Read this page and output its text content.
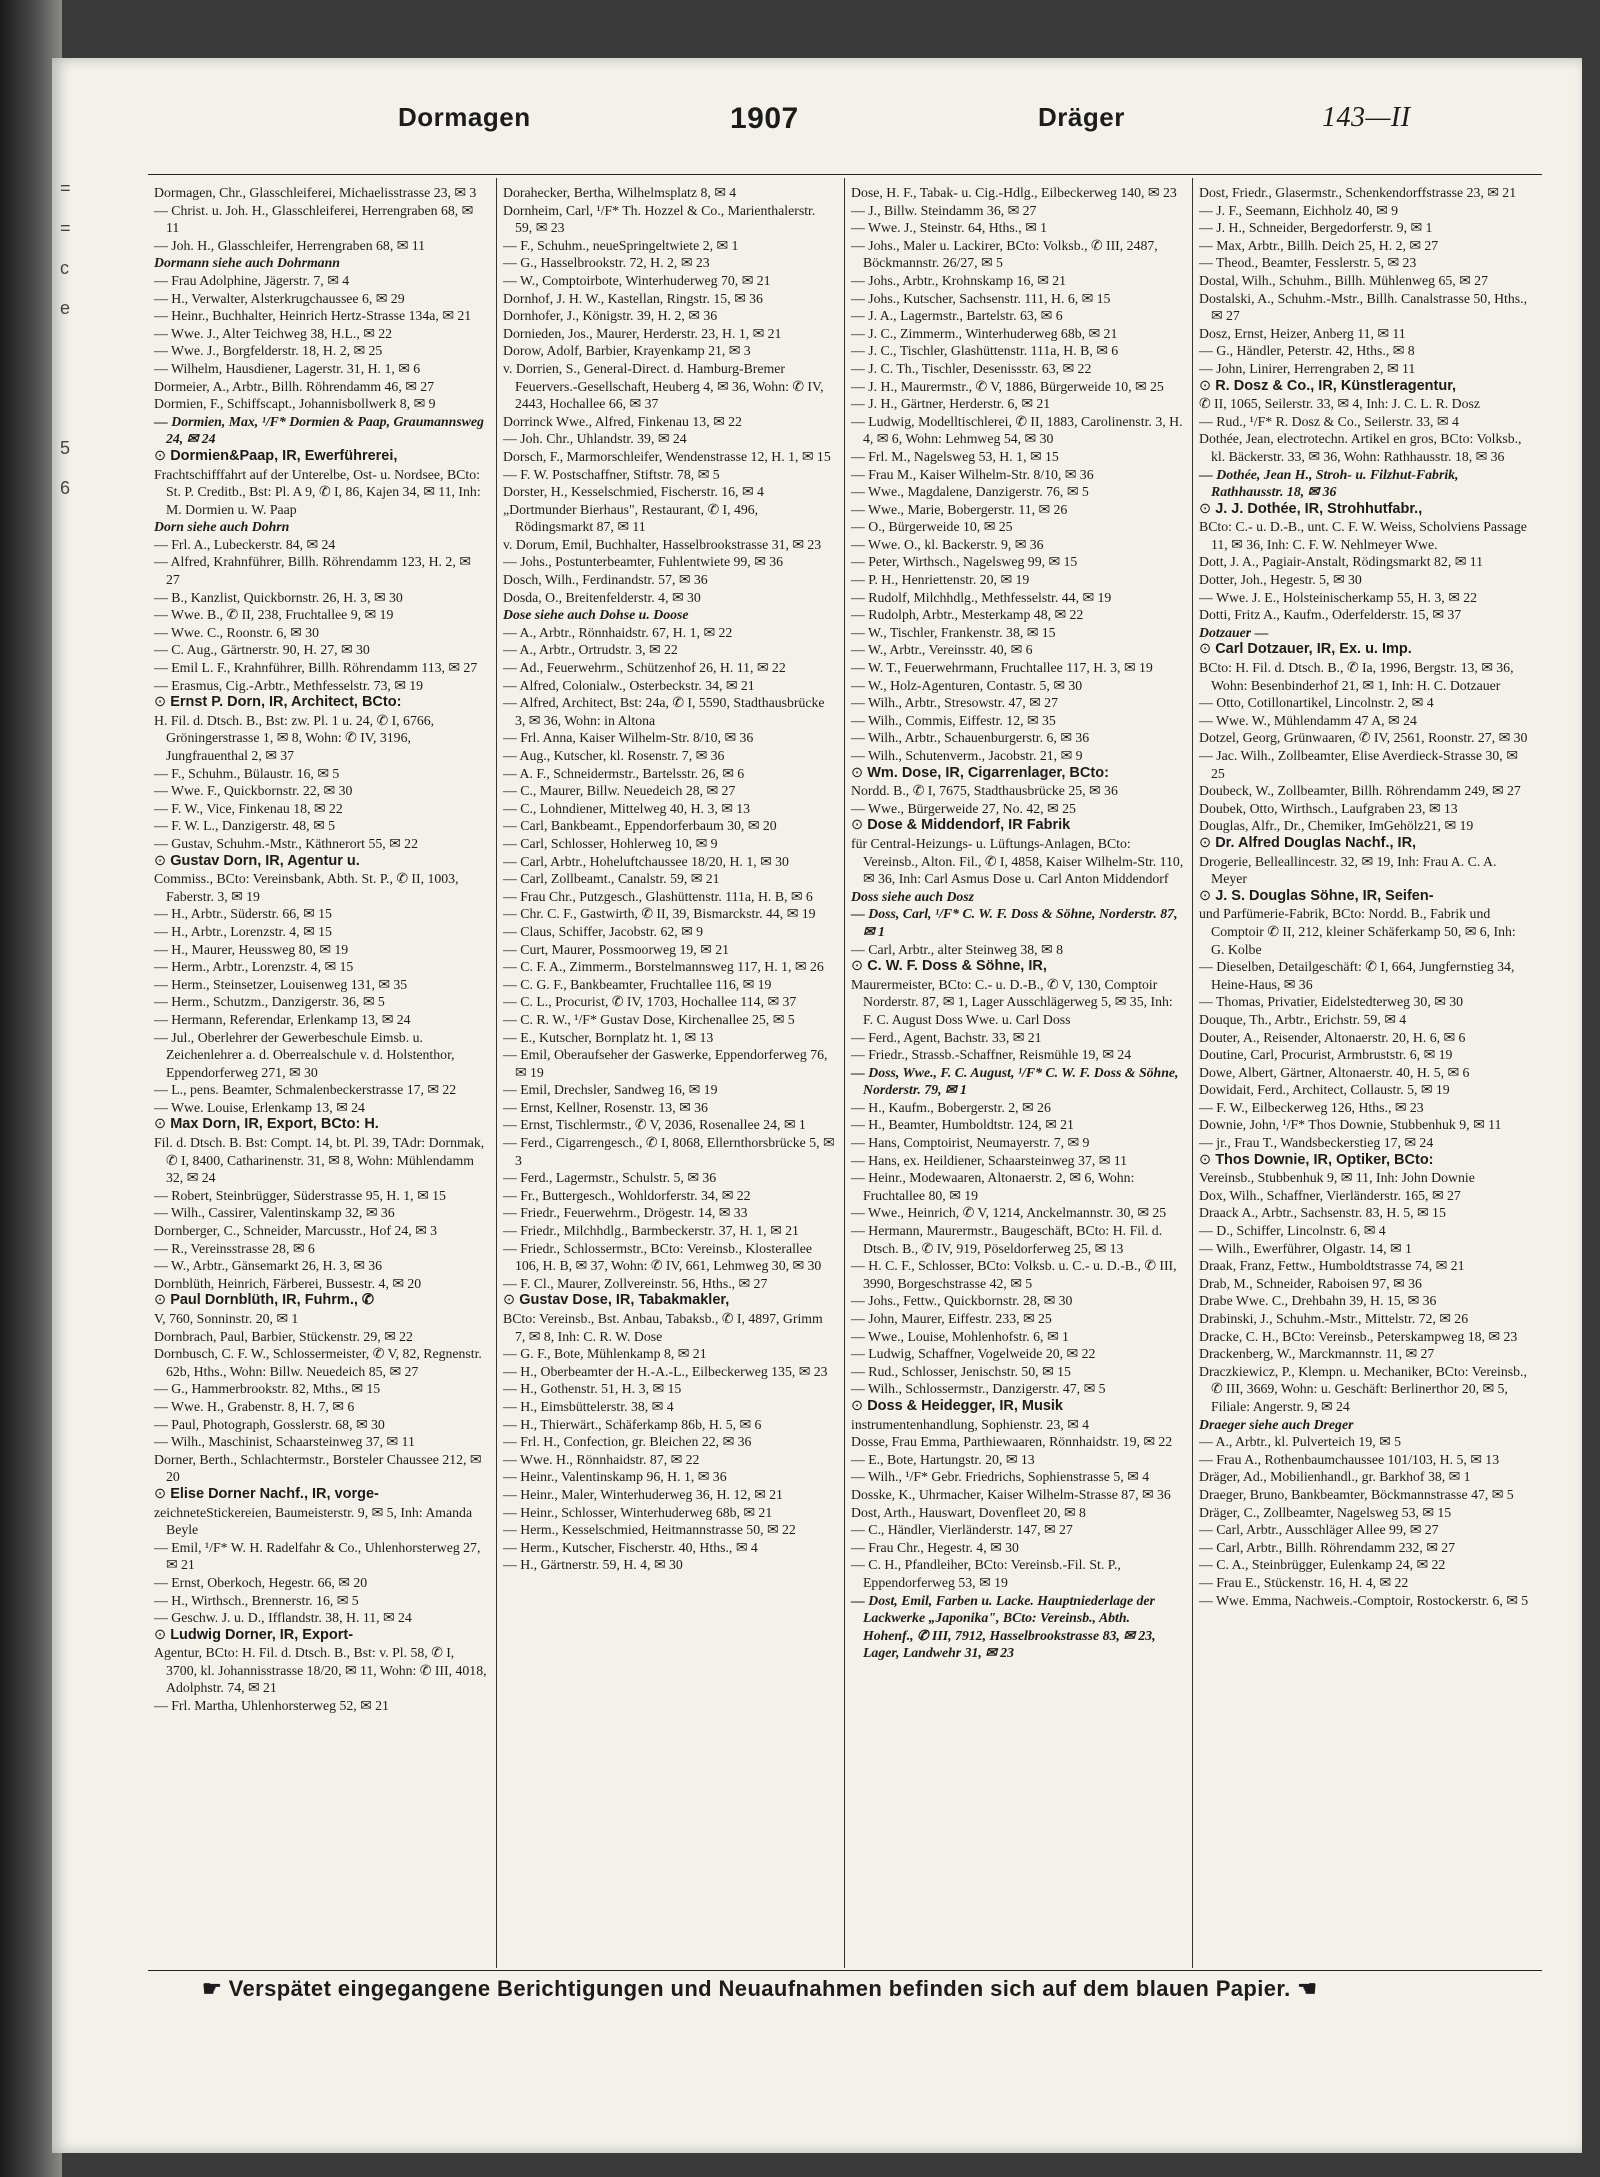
=
=
c
e
5
6
Dormagen	1907	Dräger	143—II

Dormagen, Chr., Glasschleiferei, Michaelisstrasse 23, ✉ 3

— Christ. u. Joh. H., Glasschleiferei, Herrengraben 68, ✉ 11

— Joh. H., Glasschleifer, Herrengraben 68, ✉ 11

Dormann siehe auch Dohrmann

— Frau Adolphine, Jägerstr. 7, ✉ 4

— H., Verwalter, Alsterkrugchaussee 6, ✉ 29

— Heinr., Buchhalter, Heinrich Hertz-Strasse 134a, ✉ 21

— Wwe. J., Alter Teichweg 38, H.L., ✉ 22

— Wwe. J., Borgfelderstr. 18, H. 2, ✉ 25

— Wilhelm, Hausdiener, Lagerstr. 31, H. 1, ✉ 6

Dormeier, A., Arbtr., Billh. Röhrendamm 46, ✉ 27

Dormien, F., Schiffscapt., Johannisbollwerk 8, ✉ 9

— Dormien, Max, ¹/F* Dormien & Paap, Graumannsweg 24, ✉ 24

⊙ Dormien&Paap, IR, Ewerführerei,

Frachtschifffahrt auf der Unterelbe, Ost- u. Nordsee, BCto: St. P. Creditb., Bst: Pl. A 9, ✆ I, 86, Kajen 34, ✉ 11, Inh: M. Dormien u. W. Paap

Dorn siehe auch Dohrn

— Frl. A., Lubeckerstr. 84, ✉ 24

— Alfred, Krahnführer, Billh. Röhrendamm 123, H. 2, ✉ 27

— B., Kanzlist, Quickbornstr. 26, H. 3, ✉ 30

— Wwe. B., ✆ II, 238, Fruchtallee 9, ✉ 19

— Wwe. C., Roonstr. 6, ✉ 30

— C. Aug., Gärtnerstr. 90, H. 27, ✉ 30

— Emil L. F., Krahnführer, Billh. Röhrendamm 113, ✉ 27

— Erasmus, Cig.-Arbtr., Methfesselstr. 73, ✉ 19

⊙ Ernst P. Dorn, IR, Architect, BCto:

H. Fil. d. Dtsch. B., Bst: zw. Pl. 1 u. 24, ✆ I, 6766, Gröningerstrasse 1, ✉ 8, Wohn: ✆ IV, 3196, Jungfrauenthal 2, ✉ 37

— F., Schuhm., Bülaustr. 16, ✉ 5

— Wwe. F., Quickbornstr. 22, ✉ 30

— F. W., Vice, Finkenau 18, ✉ 22

— F. W. L., Danzigerstr. 48, ✉ 5

— Gustav, Schuhm.-Mstr., Käthnerort 55, ✉ 22

⊙ Gustav Dorn, IR, Agentur u.

Commiss., BCto: Vereinsbank, Abth. St. P., ✆ II, 1003, Faberstr. 3, ✉ 19

— H., Arbtr., Süderstr. 66, ✉ 15

— H., Arbtr., Lorenzstr. 4, ✉ 15

— H., Maurer, Heussweg 80, ✉ 19

— Herm., Arbtr., Lorenzstr. 4, ✉ 15

— Herm., Steinsetzer, Louisenweg 131, ✉ 35

— Herm., Schutzm., Danzigerstr. 36, ✉ 5

— Hermann, Referendar, Erlenkamp 13, ✉ 24

— Jul., Oberlehrer der Gewerbeschule Eimsb. u. Zeichenlehrer a. d. Oberrealschule v. d. Holstenthor, Eppendorferweg 271, ✉ 30

— L., pens. Beamter, Schmalenbeckerstrasse 17, ✉ 22

— Wwe. Louise, Erlenkamp 13, ✉ 24

⊙ Max Dorn, IR, Export, BCto: H.

Fil. d. Dtsch. B. Bst: Compt. 14, bt. Pl. 39, TAdr: Dornmak, ✆ I, 8400, Catharinenstr. 31, ✉ 8, Wohn: Mühlendamm 32, ✉ 24

— Robert, Steinbrügger, Süderstrasse 95, H. 1, ✉ 15

— Wilh., Cassirer, Valentinskamp 32, ✉ 36

Dornberger, C., Schneider, Marcusstr., Hof 24, ✉ 3

— R., Vereinsstrasse 28, ✉ 6

— W., Arbtr., Gänsemarkt 26, H. 3, ✉ 36

Dornblüth, Heinrich, Färberei, Bussestr. 4, ✉ 20

⊙ Paul Dornblüth, IR, Fuhrm., ✆

V, 760, Sonninstr. 20, ✉ 1

Dornbrach, Paul, Barbier, Stückenstr. 29, ✉ 22

Dornbusch, C. F. W., Schlossermeister, ✆ V, 82, Regnenstr. 62b, Hths., Wohn: Billw. Neuedeich 85, ✉ 27

— G., Hammerbrookstr. 82, Mths., ✉ 15

— Wwe. H., Grabenstr. 8, H. 7, ✉ 6

— Paul, Photograph, Gosslerstr. 68, ✉ 30

— Wilh., Maschinist, Schaarsteinweg 37, ✉ 11

Dorner, Berth., Schlachtermstr., Borsteler Chaussee 212, ✉ 20

⊙ Elise Dorner Nachf., IR, vorge-

zeichneteStickereien, Baumeisterstr. 9, ✉ 5, Inh: Amanda Beyle

— Emil, ¹/F* W. H. Radelfahr & Co., Uhlenhorsterweg 27, ✉ 21

— Ernst, Oberkoch, Hegestr. 66, ✉ 20

— H., Wirthsch., Brennerstr. 16, ✉ 5

— Geschw. J. u. D., Ifflandstr. 38, H. 11, ✉ 24

⊙ Ludwig Dorner, IR, Export-

Agentur, BCto: H. Fil. d. Dtsch. B., Bst: v. Pl. 58, ✆ I, 3700, kl. Johannisstrasse 18/20, ✉ 11, Wohn: ✆ III, 4018, Adolphstr. 74, ✉ 21

— Frl. Martha, Uhlenhorsterweg 52, ✉ 21

Dorahecker, Bertha, Wilhelmsplatz 8, ✉ 4

Dornheim, Carl, ¹/F* Th. Hozzel & Co., Marienthalerstr. 59, ✉ 23

— F., Schuhm., neueSpringeltwiete 2, ✉ 1

— G., Hasselbrookstr. 72, H. 2, ✉ 23

— W., Comptoirbote, Winterhuderweg 70, ✉ 21

Dornhof, J. H. W., Kastellan, Ringstr. 15, ✉ 36

Dornhofer, J., Königstr. 39, H. 2, ✉ 36

Dornieden, Jos., Maurer, Herderstr. 23, H. 1, ✉ 21

Dorow, Adolf, Barbier, Krayenkamp 21, ✉ 3

v. Dorrien, S., General-Direct. d. Hamburg-Bremer Feuervers.-Gesellschaft, Heuberg 4, ✉ 36, Wohn: ✆ IV, 2443, Hochallee 66, ✉ 37

Dorrinck Wwe., Alfred, Finkenau 13, ✉ 22

— Joh. Chr., Uhlandstr. 39, ✉ 24

Dorsch, F., Marmorschleifer, Wendenstrasse 12, H. 1, ✉ 15

— F. W. Postschaffner, Stiftstr. 78, ✉ 5

Dorster, H., Kesselschmied, Fischerstr. 16, ✉ 4

„Dortmunder Bierhaus", Restaurant, ✆ I, 496, Rödingsmarkt 87, ✉ 11

v. Dorum, Emil, Buchhalter, Hasselbrookstrasse 31, ✉ 23

— Johs., Postunterbeamter, Fuhlentwiete 99, ✉ 36

Dosch, Wilh., Ferdinandstr. 57, ✉ 36

Dosda, O., Breitenfelderstr. 4, ✉ 30

Dose siehe auch Dohse u. Doose

— A., Arbtr., Rönnhaidstr. 67, H. 1, ✉ 22

— A., Arbtr., Ortrudstr. 3, ✉ 22

— Ad., Feuerwehrm., Schützenhof 26, H. 11, ✉ 22

— Alfred, Colonialw., Osterbeckstr. 34, ✉ 21

— Alfred, Architect, Bst: 24a, ✆ I, 5590, Stadthausbrücke 3, ✉ 36, Wohn: in Altona

— Frl. Anna, Kaiser Wilhelm-Str. 8/10, ✉ 36

— Aug., Kutscher, kl. Rosenstr. 7, ✉ 36

— A. F., Schneidermstr., Bartelsstr. 26, ✉ 6

— C., Maurer, Billw. Neuedeich 28, ✉ 27

— C., Lohndiener, Mittelweg 40, H. 3, ✉ 13

— Carl, Bankbeamt., Eppendorferbaum 30, ✉ 20

— Carl, Schlosser, Hohlerweg 10, ✉ 9

— Carl, Arbtr., Hoheluftchaussee 18/20, H. 1, ✉ 30

— Carl, Zollbeamt., Canalstr. 59, ✉ 21

— Frau Chr., Putzgesch., Glashüttenstr. 111a, H. B, ✉ 6

— Chr. C. F., Gastwirth, ✆ II, 39, Bismarckstr. 44, ✉ 19

— Claus, Schiffer, Jacobstr. 62, ✉ 9

— Curt, Maurer, Possmoorweg 19, ✉ 21

— C. F. A., Zimmerm., Borstelmannsweg 117, H. 1, ✉ 26

— C. G. F., Bankbeamter, Fruchtallee 116, ✉ 19

— C. L., Procurist, ✆ IV, 1703, Hochallee 114, ✉ 37

— C. R. W., ¹/F* Gustav Dose, Kirchenallee 25, ✉ 5

— E., Kutscher, Bornplatz ht. 1, ✉ 13

— Emil, Oberaufseher der Gaswerke, Eppendorferweg 76, ✉ 19

— Emil, Drechsler, Sandweg 16, ✉ 19

— Ernst, Kellner, Rosenstr. 13, ✉ 36

— Ernst, Tischlermstr., ✆ V, 2036, Rosenallee 24, ✉ 1

— Ferd., Cigarrengesch., ✆ I, 8068, Ellernthorsbrücke 5, ✉ 3

— Ferd., Lagermstr., Schulstr. 5, ✉ 36

— Fr., Buttergesch., Wohldorferstr. 34, ✉ 22

— Friedr., Feuerwehrm., Drögestr. 14, ✉ 33

— Friedr., Milchhdlg., Barmbeckerstr. 37, H. 1, ✉ 21

— Friedr., Schlossermstr., BCto: Vereinsb., Klosterallee 106, H. B, ✉ 37, Wohn: ✆ IV, 661, Lehmweg 30, ✉ 30

— F. Cl., Maurer, Zollvereinstr. 56, Hths., ✉ 27

⊙ Gustav Dose, IR, Tabakmakler,

BCto: Vereinsb., Bst. Anbau, Tabaksb., ✆ I, 4897, Grimm 7, ✉ 8, Inh: C. R. W. Dose

— G. F., Bote, Mühlenkamp 8, ✉ 21

— H., Oberbeamter der H.-A.-L., Eilbeckerweg 135, ✉ 23

— H., Gothenstr. 51, H. 3, ✉ 15

— H., Eimsbüttelerstr. 38, ✉ 4

— H., Thierwärt., Schäferkamp 86b, H. 5, ✉ 6

— Frl. H., Confection, gr. Bleichen 22, ✉ 36

— Wwe. H., Rönnhaidstr. 87, ✉ 22

— Heinr., Valentinskamp 96, H. 1, ✉ 36

— Heinr., Maler, Winterhuderweg 36, H. 12, ✉ 21

— Heinr., Schlosser, Winterhuderweg 68b, ✉ 21

— Herm., Kesselschmied, Heitmannstrasse 50, ✉ 22

— Herm., Kutscher, Fischerstr. 40, Hths., ✉ 4

— H., Gärtnerstr. 59, H. 4, ✉ 30

Dose, H. F., Tabak- u. Cig.-Hdlg., Eilbeckerweg 140, ✉ 23

— J., Billw. Steindamm 36, ✉ 27

— Wwe. J., Steinstr. 64, Hths., ✉ 1

— Johs., Maler u. Lackirer, BCto: Volksb., ✆ III, 2487, Böckmannstr. 26/27, ✉ 5

— Johs., Arbtr., Krohnskamp 16, ✉ 21

— Johs., Kutscher, Sachsenstr. 111, H. 6, ✉ 15

— J. A., Lagermstr., Bartelstr. 63, ✉ 6

— J. C., Zimmerm., Winterhuderweg 68b, ✉ 21

— J. C., Tischler, Glashüttenstr. 111a, H. B, ✉ 6

— J. C. Th., Tischler, Desenissstr. 63, ✉ 22

— J. H., Maurermstr., ✆ V, 1886, Bürgerweide 10, ✉ 25

— J. H., Gärtner, Herderstr. 6, ✉ 21

— Ludwig, Modelltischlerei, ✆ II, 1883, Carolinenstr. 3, H. 4, ✉ 6, Wohn: Lehmweg 54, ✉ 30

— Frl. M., Nagelsweg 53, H. 1, ✉ 15

— Frau M., Kaiser Wilhelm-Str. 8/10, ✉ 36

— Wwe., Magdalene, Danzigerstr. 76, ✉ 5

— Wwe., Marie, Bobergerstr. 11, ✉ 26

— O., Bürgerweide 10, ✉ 25

— Wwe. O., kl. Backerstr. 9, ✉ 36

— Peter, Wirthsch., Nagelsweg 99, ✉ 15

— P. H., Henriettenstr. 20, ✉ 19

— Rudolf, Milchhdlg., Methfesselstr. 44, ✉ 19

— Rudolph, Arbtr., Mesterkamp 48, ✉ 22

— W., Tischler, Frankenstr. 38, ✉ 15

— W., Arbtr., Vereinsstr. 40, ✉ 6

— W. T., Feuerwehrmann, Fruchtallee 117, H. 3, ✉ 19

— W., Holz-Agenturen, Contastr. 5, ✉ 30

— Wilh., Arbtr., Stresowstr. 47, ✉ 27

— Wilh., Commis, Eiffestr. 12, ✉ 35

— Wilh., Arbtr., Schauenburgerstr. 6, ✉ 36

— Wilh., Schutenverm., Jacobstr. 21, ✉ 9

⊙ Wm. Dose, IR, Cigarrenlager, BCto:

Nordd. B., ✆ I, 7675, Stadthausbrücke 25, ✉ 36

— Wwe., Bürgerweide 27, No. 42, ✉ 25

⊙ Dose & Middendorf, IR Fabrik

für Central-Heizungs- u. Lüftungs-Anlagen, BCto: Vereinsb., Alton. Fil., ✆ I, 4858, Kaiser Wilhelm-Str. 110, ✉ 36, Inh: Carl Asmus Dose u. Carl Anton Middendorf

Doss siehe auch Dosz

— Doss, Carl, ¹/F* C. W. F. Doss & Söhne, Norderstr. 87, ✉ 1

— Carl, Arbtr., alter Steinweg 38, ✉ 8

⊙ C. W. F. Doss & Söhne, IR,

Maurermeister, BCto: C.- u. D.-B., ✆ V, 130, Comptoir Norderstr. 87, ✉ 1, Lager Ausschlägerweg 5, ✉ 35, Inh: F. C. August Doss Wwe. u. Carl Doss

— Ferd., Agent, Bachstr. 33, ✉ 21

— Friedr., Strassb.-Schaffner, Reismühle 19, ✉ 24

— Doss, Wwe., F. C. August, ¹/F* C. W. F. Doss & Söhne, Norderstr. 79, ✉ 1

— H., Kaufm., Bobergerstr. 2, ✉ 26

— H., Beamter, Humboldtstr. 124, ✉ 21

— Hans, Comptoirist, Neumayerstr. 7, ✉ 9

— Hans, ex. Heildiener, Schaarsteinweg 37, ✉ 11

— Heinr., Modewaaren, Altonaerstr. 2, ✉ 6, Wohn: Fruchtallee 80, ✉ 19

— Wwe., Heinrich, ✆ V, 1214, Anckelmannstr. 30, ✉ 25

— Hermann, Maurermstr., Baugeschäft, BCto: H. Fil. d. Dtsch. B., ✆ IV, 919, Pöseldorferweg 25, ✉ 13

— H. C. F., Schlosser, BCto: Volksb. u. C.- u. D.-B., ✆ III, 3990, Borgeschstrasse 42, ✉ 5

— Johs., Fettw., Quickbornstr. 28, ✉ 30

— John, Maurer, Eiffestr. 233, ✉ 25

— Wwe., Louise, Mohlenhofstr. 6, ✉ 1

— Ludwig, Schaffner, Vogelweide 20, ✉ 22

— Rud., Schlosser, Jenischstr. 50, ✉ 15

— Wilh., Schlossermstr., Danzigerstr. 47, ✉ 5

⊙ Doss & Heidegger, IR, Musik

instrumentenhandlung, Sophienstr. 23, ✉ 4

Dosse, Frau Emma, Parthiewaaren, Rönnhaidstr. 19, ✉ 22

— E., Bote, Hartungstr. 20, ✉ 13

— Wilh., ¹/F* Gebr. Friedrichs, Sophienstrasse 5, ✉ 4

Dosske, K., Uhrmacher, Kaiser Wilhelm-Strasse 87, ✉ 36

Dost, Arth., Hauswart, Dovenfleet 20, ✉ 8

— C., Händler, Vierländerstr. 147, ✉ 27

— Frau Chr., Hegestr. 4, ✉ 30

— C. H., Pfandleiher, BCto: Vereinsb.-Fil. St. P., Eppendorferweg 53, ✉ 19

— Dost, Emil, Farben u. Lacke. Hauptniederlage der Lackwerke „Japonika", BCto: Vereinsb., Abth. Hohenf., ✆ III, 7912, Hasselbrookstrasse 83, ✉ 23, Lager, Landwehr 31, ✉ 23

Dost, Friedr., Glasermstr., Schenkendorffstrasse 23, ✉ 21

— J. F., Seemann, Eichholz 40, ✉ 9

— J. H., Schneider, Bergedorferstr. 9, ✉ 1

— Max, Arbtr., Billh. Deich 25, H. 2, ✉ 27

— Theod., Beamter, Fesslerstr. 5, ✉ 23

Dostal, Wilh., Schuhm., Billh. Mühlenweg 65, ✉ 27

Dostalski, A., Schuhm.-Mstr., Billh. Canalstrasse 50, Hths., ✉ 27

Dosz, Ernst, Heizer, Anberg 11, ✉ 11

— G., Händler, Peterstr. 42, Hths., ✉ 8

— John, Linirer, Herrengraben 2, ✉ 11

⊙ R. Dosz & Co., IR, Künstleragentur,

✆ II, 1065, Seilerstr. 33, ✉ 4, Inh: J. C. L. R. Dosz

— Rud., ¹/F* R. Dosz & Co., Seilerstr. 33, ✉ 4

Dothée, Jean, electrotechn. Artikel en gros, BCto: Volksb., kl. Bäckerstr. 33, ✉ 36, Wohn: Rathhausstr. 18, ✉ 36

— Dothée, Jean H., Stroh- u. Filzhut-Fabrik, Rathhausstr. 18, ✉ 36

⊙ J. J. Dothée, IR, Strohhutfabr.,

BCto: C.- u. D.-B., unt. C. F. W. Weiss, Scholviens Passage 11, ✉ 36, Inh: C. F. W. Nehlmeyer Wwe.

Dott, J. A., Pagiair-Anstalt, Rödingsmarkt 82, ✉ 11

Dotter, Joh., Hegestr. 5, ✉ 30

— Wwe. J. E., Holsteinischerkamp 55, H. 3, ✉ 22

Dotti, Fritz A., Kaufm., Oderfelderstr. 15, ✉ 37

Dotzauer —

⊙ Carl Dotzauer, IR, Ex. u. Imp.

BCto: H. Fil. d. Dtsch. B., ✆ Ia, 1996, Bergstr. 13, ✉ 36, Wohn: Besenbinderhof 21, ✉ 1, Inh: H. C. Dotzauer

— Otto, Cotillonartikel, Lincolnstr. 2, ✉ 4

— Wwe. W., Mühlendamm 47 A, ✉ 24

Dotzel, Georg, Grünwaaren, ✆ IV, 2561, Roonstr. 27, ✉ 30

— Jac. Wilh., Zollbeamter, Elise Averdieck-Strasse 30, ✉ 25

Doubeck, W., Zollbeamter, Billh. Röhrendamm 249, ✉ 27

Doubek, Otto, Wirthsch., Laufgraben 23, ✉ 13

Douglas, Alfr., Dr., Chemiker, ImGehölz21, ✉ 19

⊙ Dr. Alfred Douglas Nachf., IR,

Drogerie, Belleallincestr. 32, ✉ 19, Inh: Frau A. C. A. Meyer

⊙ J. S. Douglas Söhne, IR, Seifen-

und Parfümerie-Fabrik, BCto: Nordd. B., Fabrik und Comptoir ✆ II, 212, kleiner Schäferkamp 50, ✉ 6, Inh: G. Kolbe

— Dieselben, Detailgeschäft: ✆ I, 664, Jungfernstieg 34, Heine-Haus, ✉ 36

— Thomas, Privatier, Eidelstedterweg 30, ✉ 30

Douque, Th., Arbtr., Erichstr. 59, ✉ 4

Douter, A., Reisender, Altonaerstr. 20, H. 6, ✉ 6

Doutine, Carl, Procurist, Armbruststr. 6, ✉ 19

Dowe, Albert, Gärtner, Altonaerstr. 40, H. 5, ✉ 6

Dowidait, Ferd., Architect, Collaustr. 5, ✉ 19

— F. W., Eilbeckerweg 126, Hths., ✉ 23

Downie, John, ¹/F* Thos Downie, Stubbenhuk 9, ✉ 11

— jr., Frau T., Wandsbeckerstieg 17, ✉ 24

⊙ Thos Downie, IR, Optiker, BCto:

Vereinsb., Stubbenhuk 9, ✉ 11, Inh: John Downie

Dox, Wilh., Schaffner, Vierländerstr. 165, ✉ 27

Draack A., Arbtr., Sachsenstr. 83, H. 5, ✉ 15

— D., Schiffer, Lincolnstr. 6, ✉ 4

— Wilh., Ewerführer, Olgastr. 14, ✉ 1

Draak, Franz, Fettw., Humboldtstrasse 74, ✉ 21

Drab, M., Schneider, Raboisen 97, ✉ 36

Drabe Wwe. C., Drehbahn 39, H. 15, ✉ 36

Drabinski, J., Schuhm.-Mstr., Mittelstr. 72, ✉ 26

Dracke, C. H., BCto: Vereinsb., Peterskampweg 18, ✉ 23

Drackenberg, W., Marckmannstr. 11, ✉ 27

Draczkiewicz, P., Klempn. u. Mechaniker, BCto: Vereinsb., ✆ III, 3669, Wohn: u. Geschäft: Berlinerthor 20, ✉ 5, Filiale: Angerstr. 9, ✉ 24

Draeger siehe auch Dreger

— A., Arbtr., kl. Pulverteich 19, ✉ 5

— Frau A., Rothenbaumchaussee 101/103, H. 5, ✉ 13

Dräger, Ad., Mobilienhandl., gr. Barkhof 38, ✉ 1

Draeger, Bruno, Bankbeamter, Böckmannstrasse 47, ✉ 5

Dräger, C., Zollbeamter, Nagelsweg 53, ✉ 15

— Carl, Arbtr., Ausschläger Allee 99, ✉ 27

— Carl, Arbtr., Billh. Röhrendamm 232, ✉ 27

— C. A., Steinbrügger, Eulenkamp 24, ✉ 22

— Frau E., Stückenstr. 16, H. 4, ✉ 22

— Wwe. Emma, Nachweis.-Comptoir, Rostockerstr. 6, ✉ 5

☛ Verspätet eingegangene Berichtigungen und Neuaufnahmen befinden sich auf dem blauen Papier. ☚
